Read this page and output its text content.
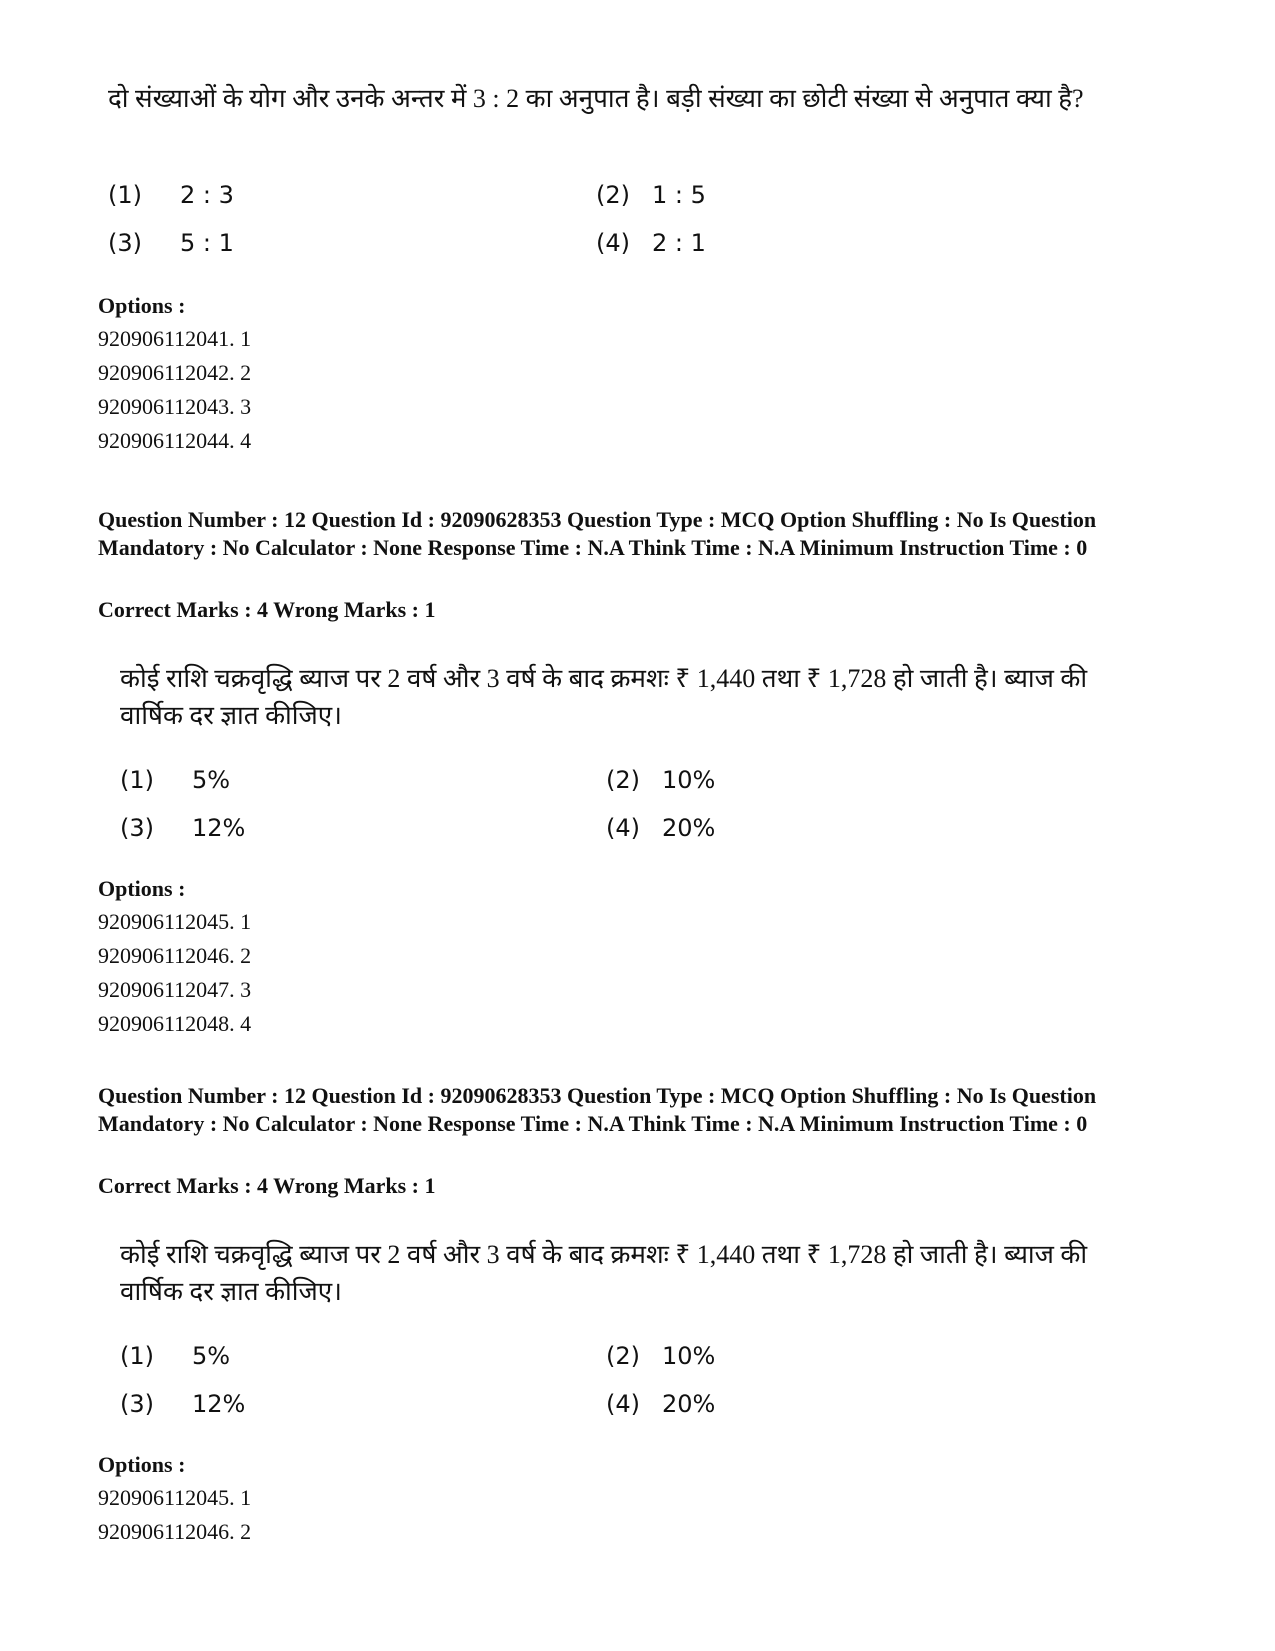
दो संख्याओं के योग और उनके अन्तर में 3 : 2 का अनुपात है। बड़ी संख्या का छोटी संख्या से अनुपात क्या है?

(1)	2 : 3	(2) 1 : 5
(3)	5 : 1	(4) 2 : 1
Options :
920906112041. 1
920906112042. 2
920906112043. 3
920906112044. 4

Question Number : 12 Question Id : 92090628353 Question Type : MCQ Option Shuffling : No Is Question Mandatory : No Calculator : None Response Time : N.A Think Time : N.A Minimum Instruction Time : 0

Correct Marks : 4 Wrong Marks : 1

कोई राशि चक्रवृद्धि ब्याज पर 2 वर्ष और 3 वर्ष के बाद क्रमशः ₹ 1,440 तथा ₹ 1,728 हो जाती है। ब्याज की वार्षिक दर ज्ञात कीजिए।

(1)	5%	(2) 10%
(3)	12%	(4) 20%
Options :
920906112045. 1
920906112046. 2
920906112047. 3
920906112048. 4

Question Number : 12 Question Id : 92090628353 Question Type : MCQ Option Shuffling : No Is Question Mandatory : No Calculator : None Response Time : N.A Think Time : N.A Minimum Instruction Time : 0

Correct Marks : 4 Wrong Marks : 1

कोई राशि चक्रवृद्धि ब्याज पर 2 वर्ष और 3 वर्ष के बाद क्रमशः ₹ 1,440 तथा ₹ 1,728 हो जाती है। ब्याज की वार्षिक दर ज्ञात कीजिए।

(1)	5%	(2) 10%
(3)	12%	(4) 20%
Options :
920906112045. 1
920906112046. 2
